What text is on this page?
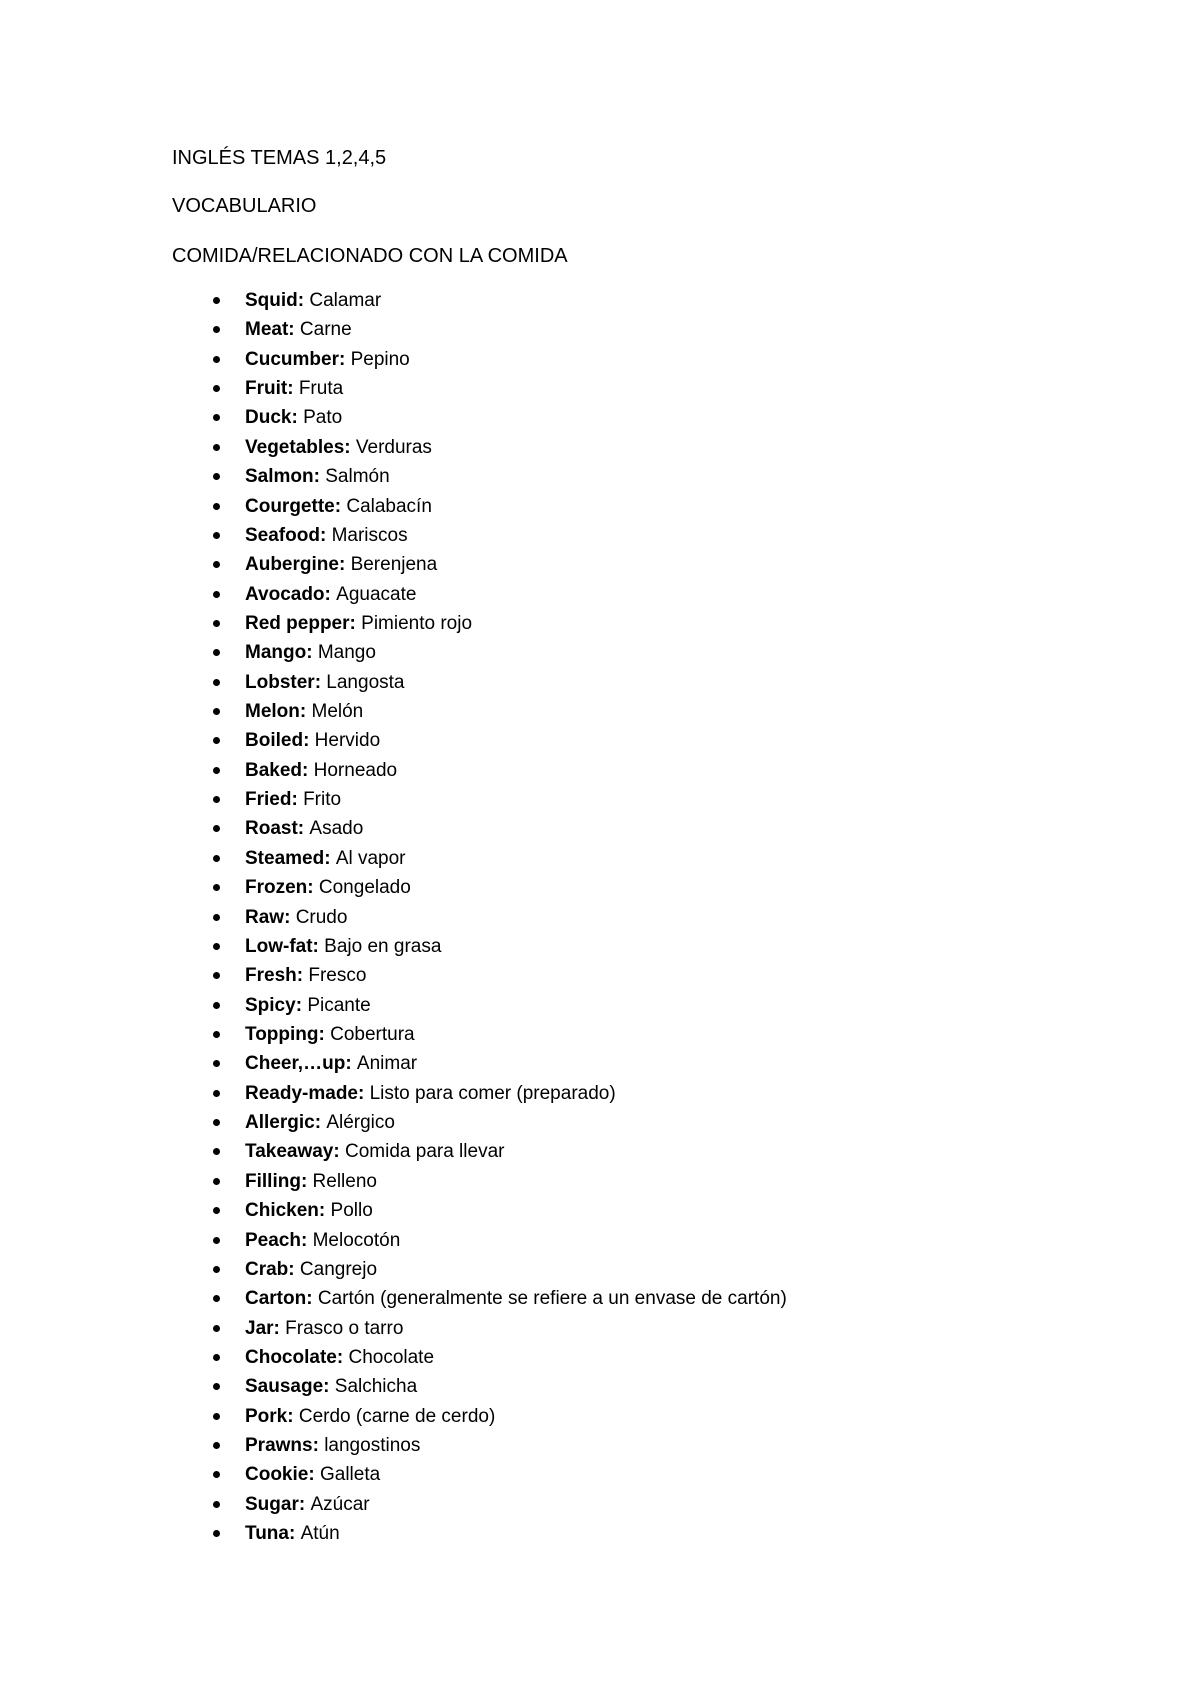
INGLÉS TEMAS 1,2,4,5
VOCABULARIO
COMIDA/RELACIONADO CON LA COMIDA
Squid: Calamar
Meat: Carne
Cucumber: Pepino
Fruit: Fruta
Duck: Pato
Vegetables: Verduras
Salmon: Salmón
Courgette: Calabacín
Seafood: Mariscos
Aubergine: Berenjena
Avocado: Aguacate
Red pepper: Pimiento rojo
Mango: Mango
Lobster: Langosta
Melon: Melón
Boiled: Hervido
Baked: Horneado
Fried: Frito
Roast: Asado
Steamed: Al vapor
Frozen: Congelado
Raw: Crudo
Low-fat: Bajo en grasa
Fresh: Fresco
Spicy: Picante
Topping: Cobertura
Cheer,…up: Animar
Ready-made: Listo para comer (preparado)
Allergic: Alérgico
Takeaway: Comida para llevar
Filling: Relleno
Chicken: Pollo
Peach: Melocotón
Crab: Cangrejo
Carton: Cartón (generalmente se refiere a un envase de cartón)
Jar: Frasco o tarro
Chocolate: Chocolate
Sausage: Salchicha
Pork: Cerdo (carne de cerdo)
Prawns: langostinos
Cookie: Galleta
Sugar: Azúcar
Tuna: Atún
